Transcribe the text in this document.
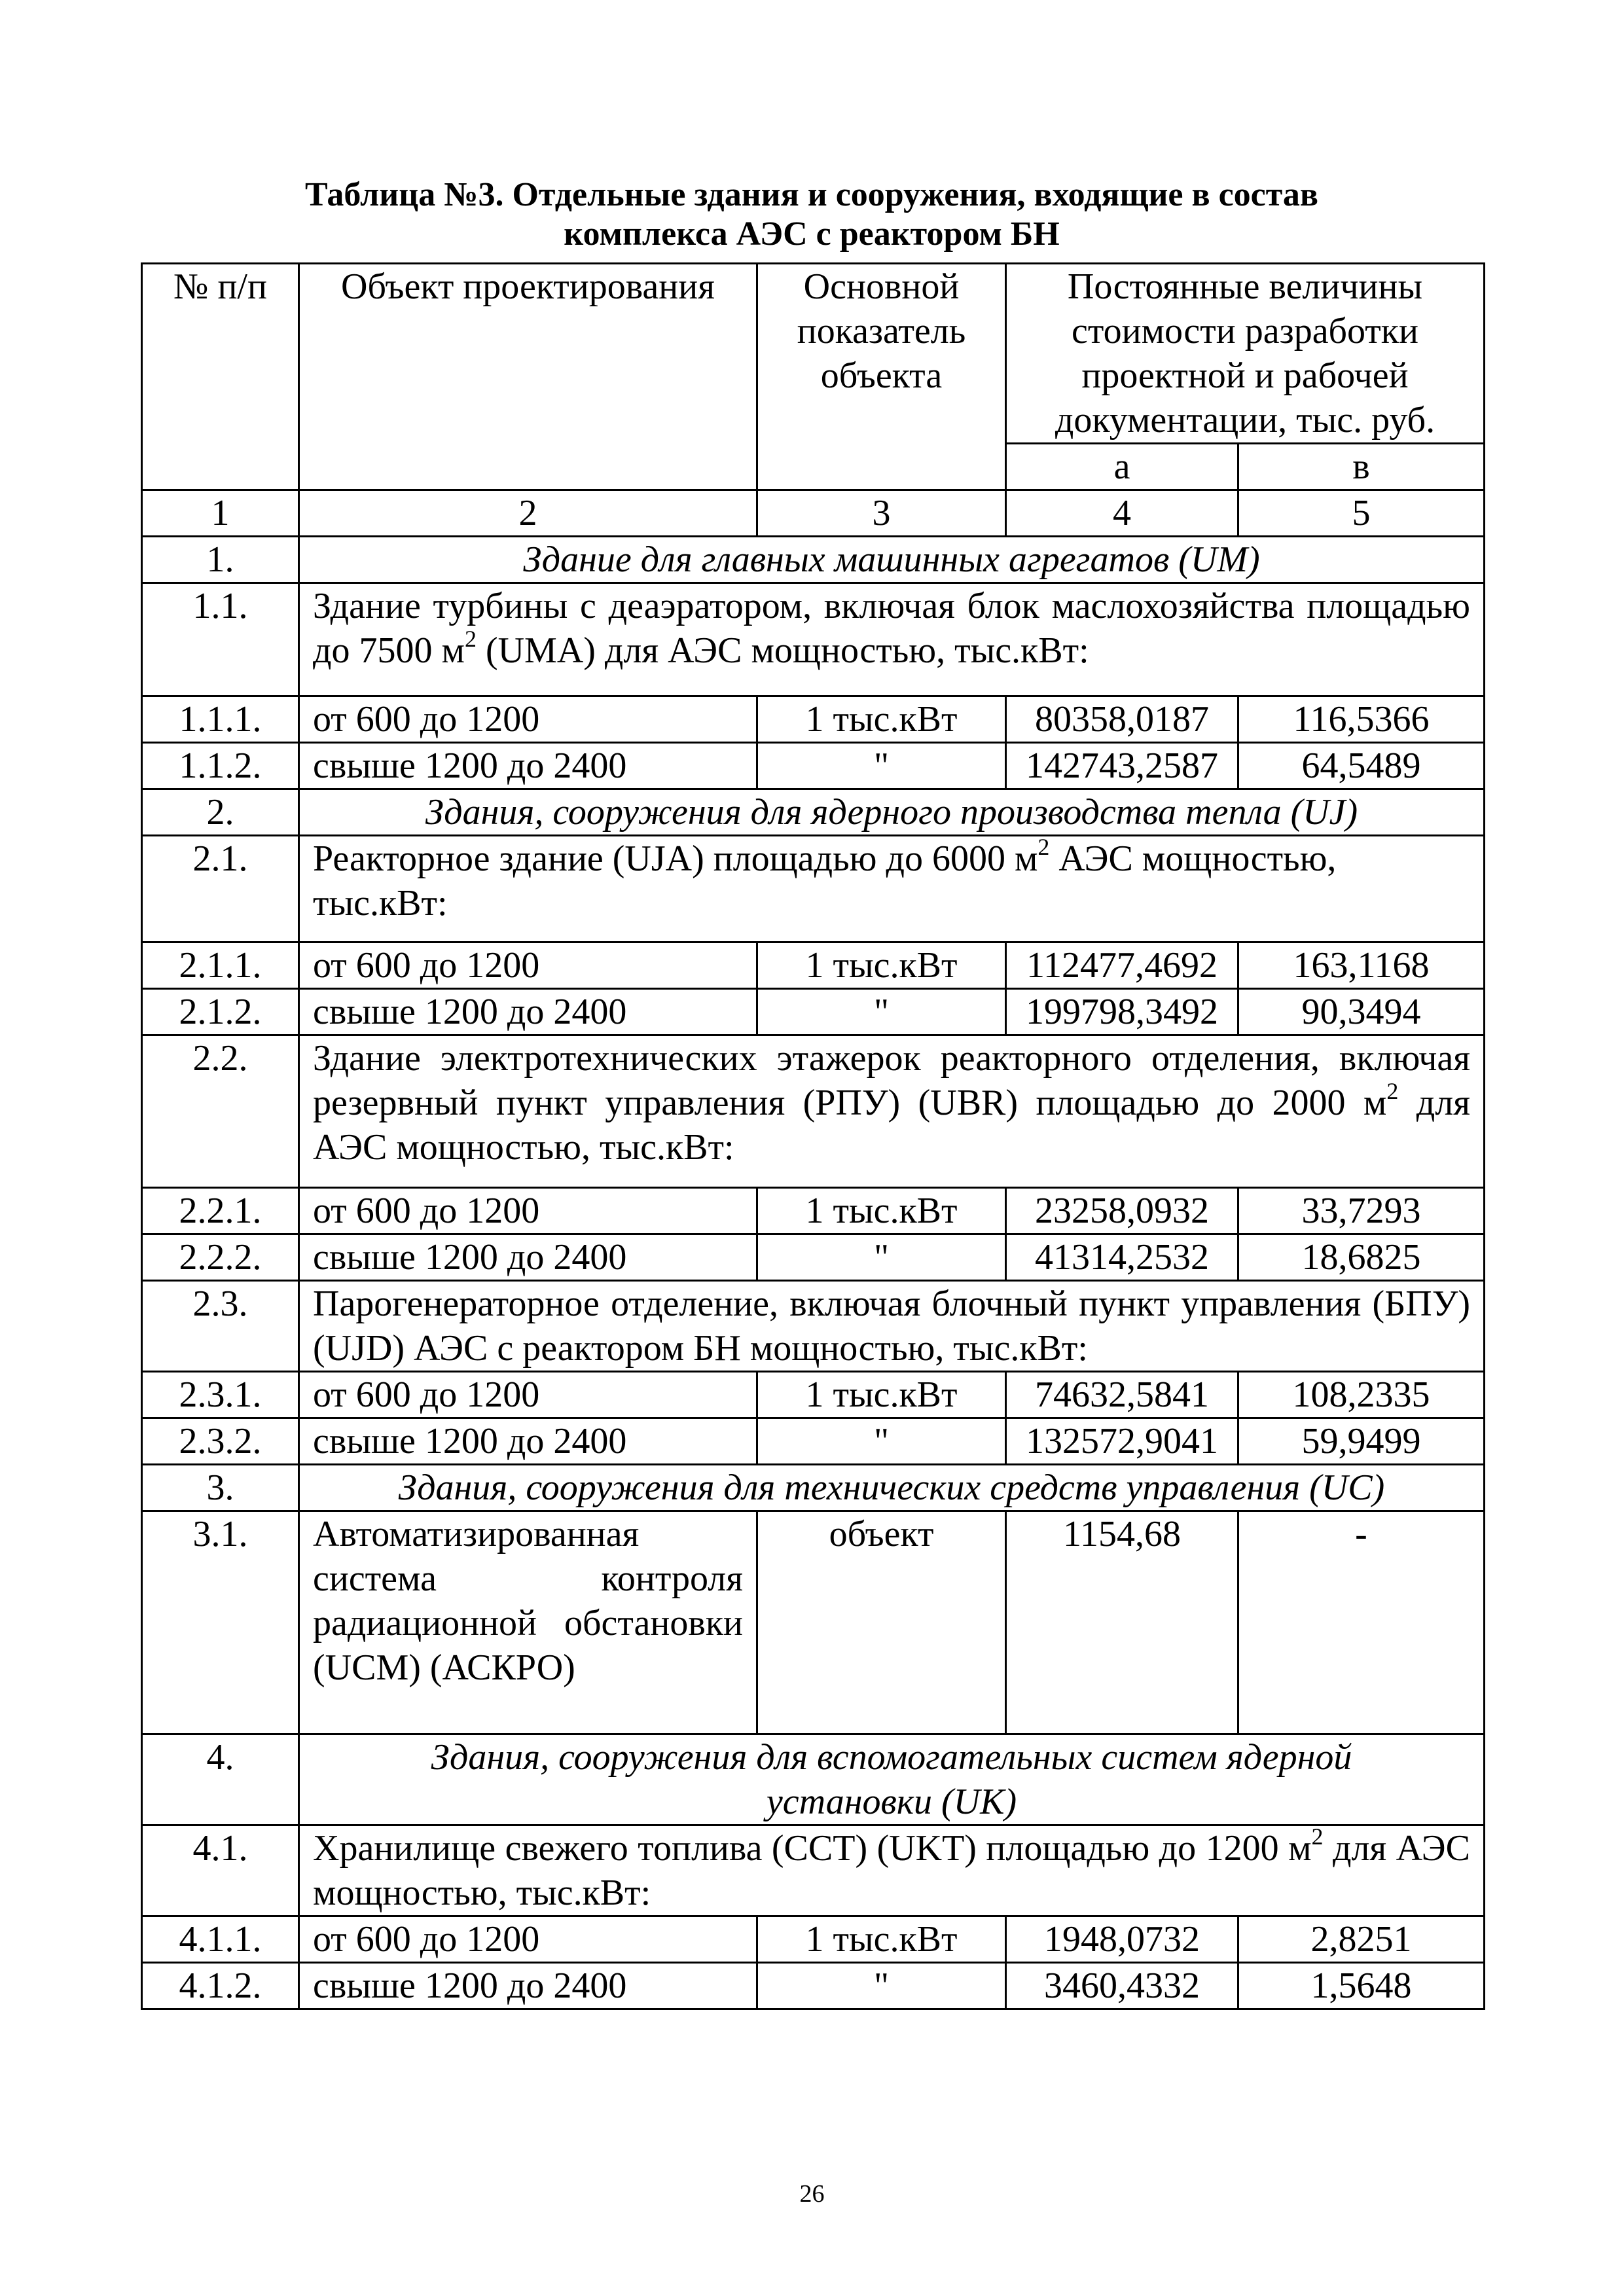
Таблица №3. Отдельные здания и сооружения, входящие в состав
комплекса АЭС с реактором БН
№ п/п	Объект проектирования	Основной показатель объекта	Постоянные величины стоимости разработки проектной и рабочей документации, тыс. руб.	
			а	в
1	2	3	4	5
1.	Здание для главных машинных агрегатов (UM)			
1.1.	Здание турбины с деаэратором, включая блок маслохозяйства площадью до 7500 $м^2$ (UMA) для АЭС мощностью, тыс.кВт:			
1.1.1.	от 600 до 1200	1 тыс.кВт	80358,0187	116,5366
1.1.2.	свыше 1200 до 2400	"	142743,2587	64,5489
2.	Здания, сооружения для ядерного производства тепла (UJ)			
2.1.	Реакторное здание (UJA) площадью до 6000 $м^2$ АЭС мощностью, тыс.кВт:			
2.1.1.	от 600 до 1200	1 тыс.кВт	112477,4692	163,1168
2.1.2.	свыше 1200 до 2400	"	199798,3492	90,3494
2.2.	Здание электротехнических этажерок реакторного отделения, включая резервный пункт управления (РПУ) (UBR) площадью до 2000 $м^2$ для АЭС мощностью, тыс.кВт:			
2.2.1.	от 600 до 1200	1 тыс.кВт	23258,0932	33,7293
2.2.2.	свыше 1200 до 2400	"	41314,2532	18,6825
2.3.	Парогенераторное отделение, включая блочный пункт управления (БПУ) (UJD) АЭС с реактором БН мощностью, тыс.кВт:			
2.3.1.	от 600 до 1200	1 тыс.кВт	74632,5841	108,2335
2.3.2.	свыше 1200 до 2400	"	132572,9041	59,9499
3.	Здания, сооружения для технических средств управления (UC)			
3.1.	Автоматизированная система контроля радиационной обстановки (UCM) (АСКРО)	объект	1154,68	-
4.	Здания, сооружения для вспомогательных систем ядерной
установки (UK)			

4.1.	Хранилище свежего топлива (ССТ) (UKT) площадью до 1200 $м^2$ для АЭС мощностью, тыс.кВт:			
4.1.1.	от 600 до 1200	1 тыс.кВт	1948,0732	2,8251
4.1.2.	свыше 1200 до 2400	"	3460,4332	1,5648
26
